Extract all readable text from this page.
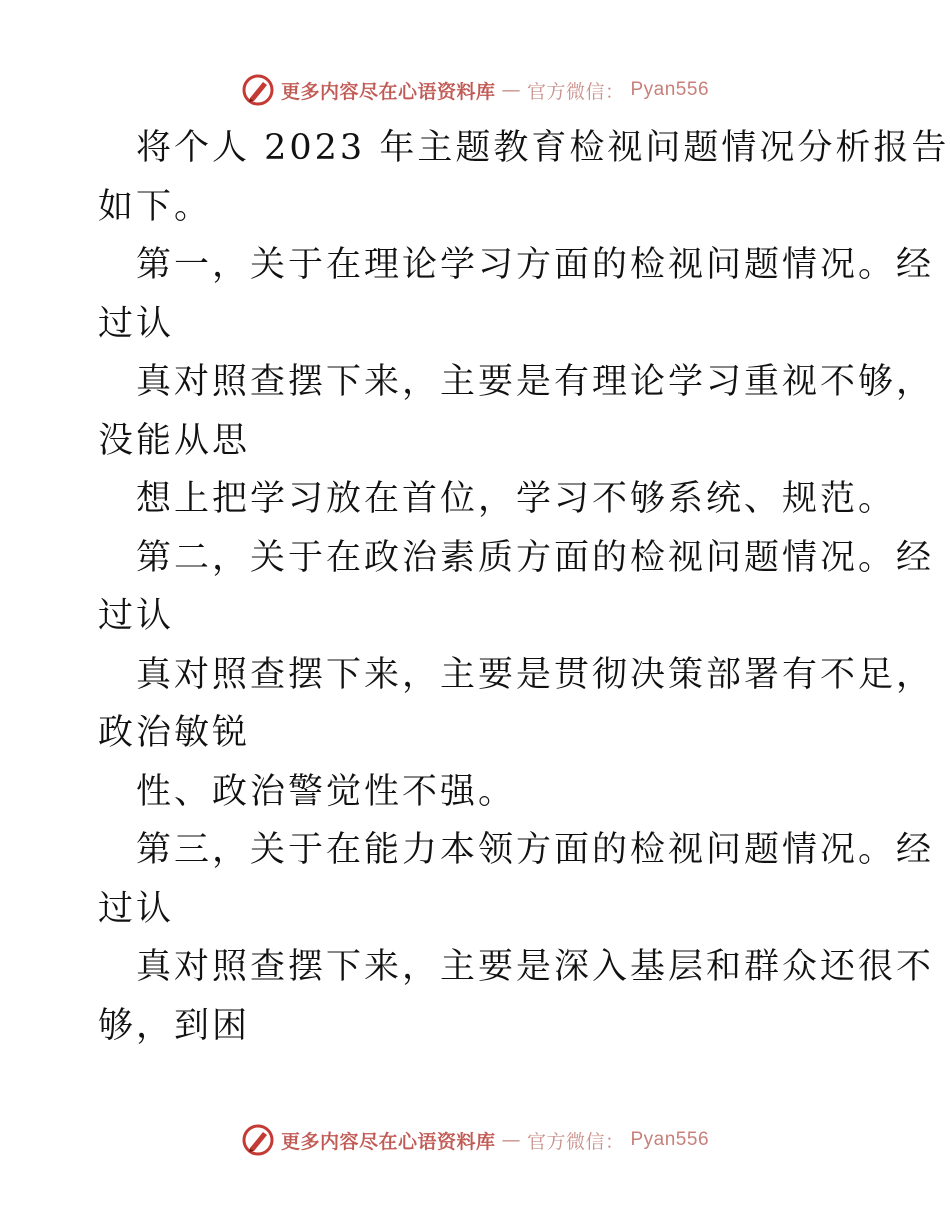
更多内容尽在心语资料库 — 官方微信： Pyan556
将个人 2023 年主题教育检视问题情况分析报告
如下。
第一，关于在理论学习方面的检视问题情况。经
过认
真对照查摆下来，主要是有理论学习重视不够，
没能从思
想上把学习放在首位，学习不够系统、规范。
第二，关于在政治素质方面的检视问题情况。经
过认
真对照查摆下来，主要是贯彻决策部署有不足，
政治敏锐
性、政治警觉性不强。
第三，关于在能力本领方面的检视问题情况。经
过认
真对照查摆下来，主要是深入基层和群众还很不
够，到困
更多内容尽在心语资料库 — 官方微信： Pyan556
